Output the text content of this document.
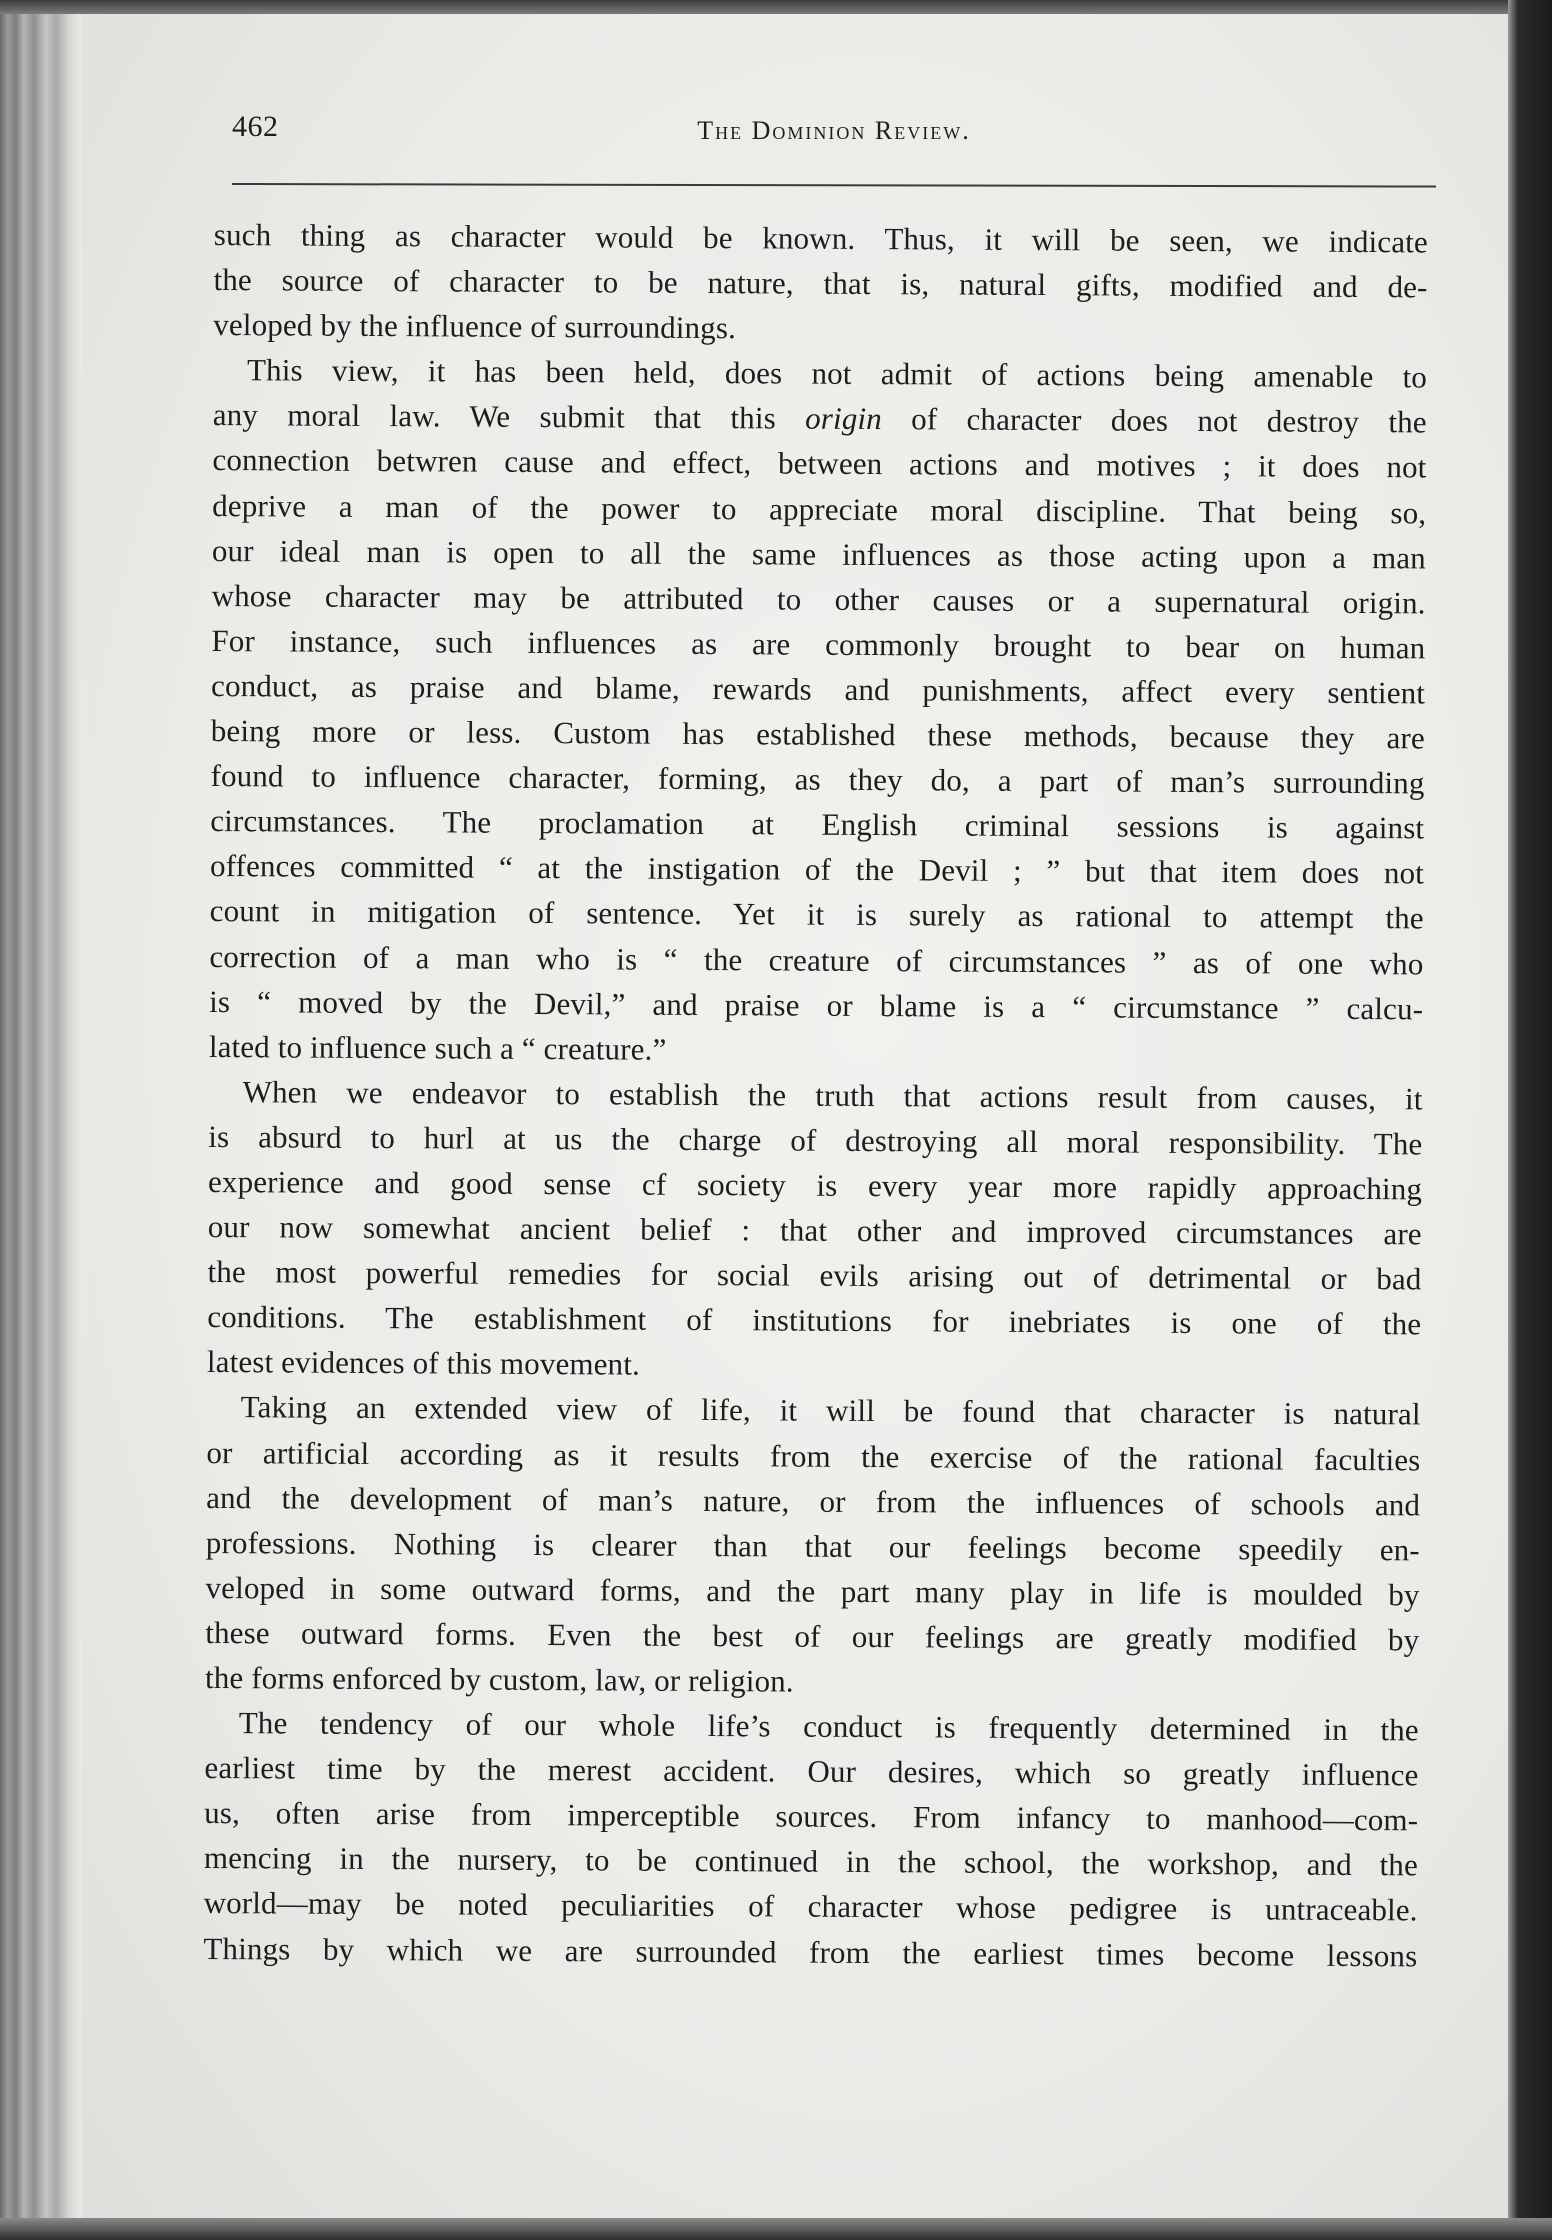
462	The Dominion Review.
such thing as character would be known. Thus, it will be seen, we indicate
the source of character to be nature, that is, natural gifts, modified and de-
veloped by the influence of surroundings.
This view, it has been held, does not admit of actions being amenable to
any moral law. We submit that this origin of character does not destroy the
connection betwren cause and effect, between actions and motives ; it does not
deprive a man of the power to appreciate moral discipline. That being so,
our ideal man is open to all the same influences as those acting upon a man
whose character may be attributed to other causes or a supernatural origin.
For instance, such influences as are commonly brought to bear on human
conduct, as praise and blame, rewards and punishments, affect every sentient
being more or less. Custom has established these methods, because they are
found to influence character, forming, as they do, a part of man’s surrounding
circumstances. The proclamation at English criminal sessions is against
offences committed “ at the instigation of the Devil ; ” but that item does not
count in mitigation of sentence. Yet it is surely as rational to attempt the
correction of a man who is “ the creature of circumstances ” as of one who
is “ moved by the Devil,” and praise or blame is a “ circumstance ” calcu-
lated to influence such a “ creature.”
When we endeavor to establish the truth that actions result from causes, it
is absurd to hurl at us the charge of destroying all moral responsibility. The
experience and good sense cf society is every year more rapidly approaching
our now somewhat ancient belief : that other and improved circumstances are
the most powerful remedies for social evils arising out of detrimental or bad
conditions. The establishment of institutions for inebriates is one of the
latest evidences of this movement.
Taking an extended view of life, it will be found that character is natural
or artificial according as it results from the exercise of the rational faculties
and the development of man’s nature, or from the influences of schools and
professions. Nothing is clearer than that our feelings become speedily en-
veloped in some outward forms, and the part many play in life is moulded by
these outward forms. Even the best of our feelings are greatly modified by
the forms enforced by custom, law, or religion.
The tendency of our whole life’s conduct is frequently determined in the
earliest time by the merest accident. Our desires, which so greatly influence
us, often arise from imperceptible sources. From infancy to manhood—com-
mencing in the nursery, to be continued in the school, the workshop, and the
world—may be noted peculiarities of character whose pedigree is untraceable.
Things by which we are surrounded from the earliest times become lessons
